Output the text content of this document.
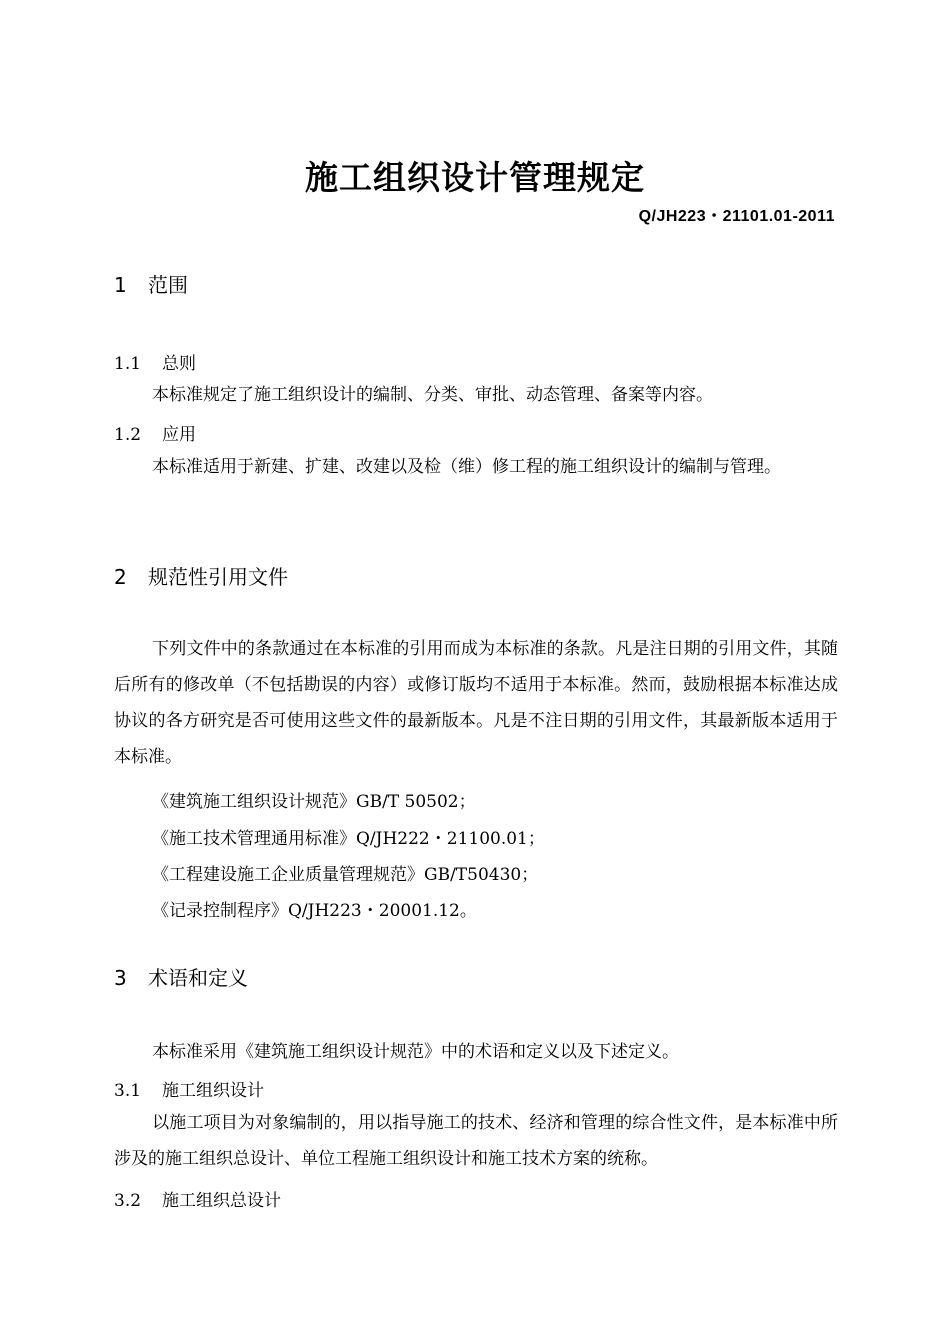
施工组织设计管理规定
Q/JH223・21101.01-2011
1 范围
1.1 总则
本标准规定了施工组织设计的编制、分类、审批、动态管理、备案等内容。
1.2 应用
本标准适用于新建、扩建、改建以及检（维）修工程的施工组织设计的编制与管理。
2 规范性引用文件
下列文件中的条款通过在本标准的引用而成为本标准的条款。凡是注日期的引用文件，其随后所有的修改单（不包括勘误的内容）或修订版均不适用于本标准。然而，鼓励根据本标准达成协议的各方研究是否可使用这些文件的最新版本。凡是不注日期的引用文件，其最新版本适用于本标准。
《建筑施工组织设计规范》GB/T 50502；
《施工技术管理通用标准》Q/JH222・21100.01；
《工程建设施工企业质量管理规范》GB/T50430；
《记录控制程序》Q/JH223・20001.12。
3 术语和定义
本标准采用《建筑施工组织设计规范》中的术语和定义以及下述定义。
3.1 施工组织设计
以施工项目为对象编制的，用以指导施工的技术、经济和管理的综合性文件，是本标准中所涉及的施工组织总设计、单位工程施工组织设计和施工技术方案的统称。
3.2 施工组织总设计
